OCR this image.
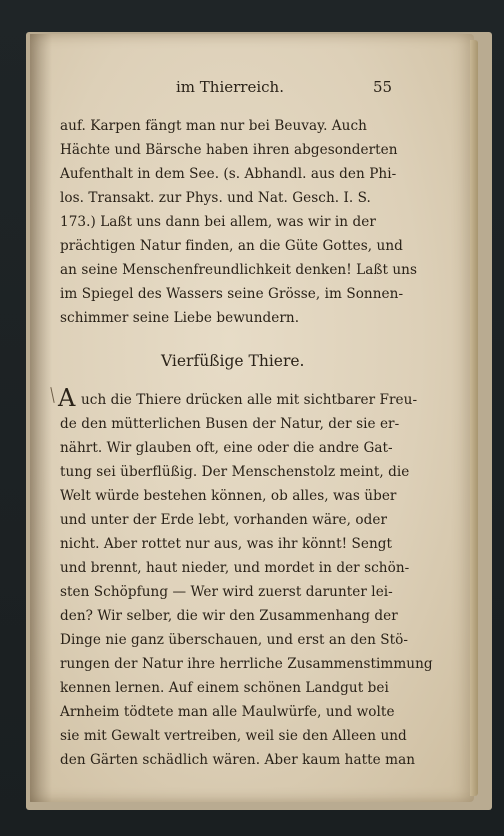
im Thierreich.	55
auf. Karpen fängt man nur bei Beuvay. Auch
Hächte und Bärsche haben ihren abgesonderten
Aufenthalt in dem See. (s. Abhandl. aus den Phi-
los. Transakt. zur Phys. und Nat. Gesch. I. S.
173.) Laßt uns dann bei allem, was wir in der
prächtigen Natur finden, an die Güte Gottes, und
an seine Menschenfreundlichkeit denken! Laßt uns
im Spiegel des Wassers seine Grösse, im Sonnen-
schimmer seine Liebe bewundern.
Vierfüßige Thiere.
A uch die Thiere drücken alle mit sichtbarer Freu-
de den mütterlichen Busen der Natur, der sie er-
nährt. Wir glauben oft, eine oder die andre Gat-
tung sei überflüßig. Der Menschenstolz meint, die
Welt würde bestehen können, ob alles, was über
und unter der Erde lebt, vorhanden wäre, oder
nicht. Aber rottet nur aus, was ihr könnt! Sengt
und brennt, haut nieder, und mordet in der schön-
sten Schöpfung — Wer wird zuerst darunter lei-
den? Wir selber, die wir den Zusammenhang der
Dinge nie ganz überschauen, und erst an den Stö-
rungen der Natur ihre herrliche Zusammenstimmung
kennen lernen. Auf einem schönen Landgut bei
Arnheim tödtete man alle Maulwürfe, und wolte
sie mit Gewalt vertreiben, weil sie den Alleen und
den Gärten schädlich wären. Aber kaum hatte man
